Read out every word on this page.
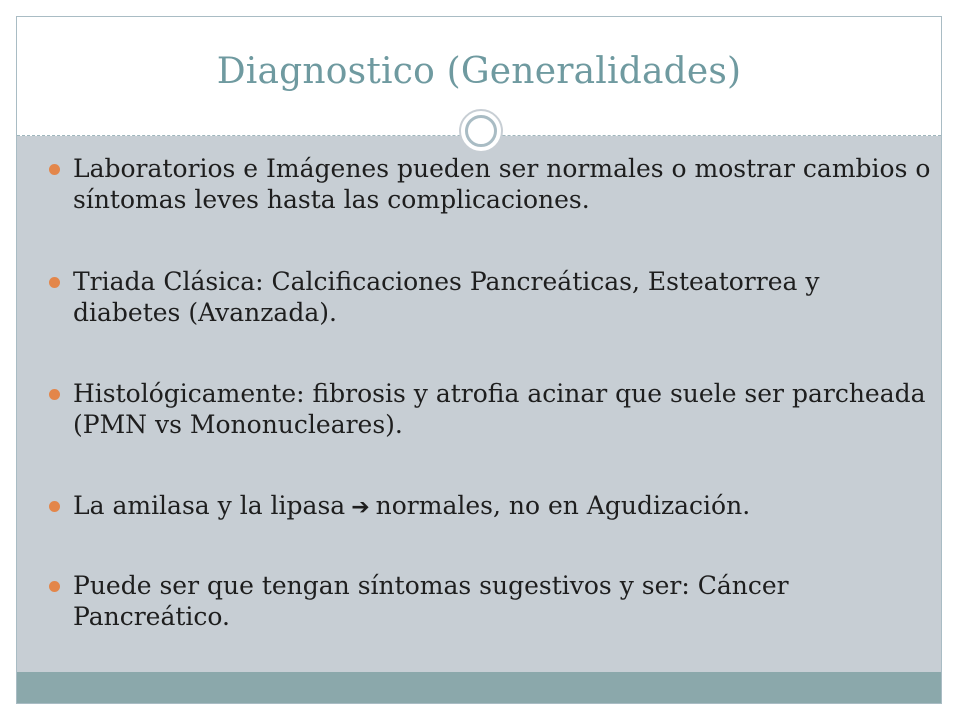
Diagnostico (Generalidades)
Laboratorios e Imágenes pueden ser normales o mostrar cambios o síntomas leves hasta las complicaciones.
Triada Clásica: Calcificaciones Pancreáticas, Esteatorrea y diabetes (Avanzada).
Histológicamente: fibrosis y atrofia acinar que suele ser parcheada (PMN vs Mononucleares).
La amilasa y la lipasa ➔ normales, no en Agudización.
Puede ser que tengan síntomas sugestivos y ser: Cáncer Pancreático.
